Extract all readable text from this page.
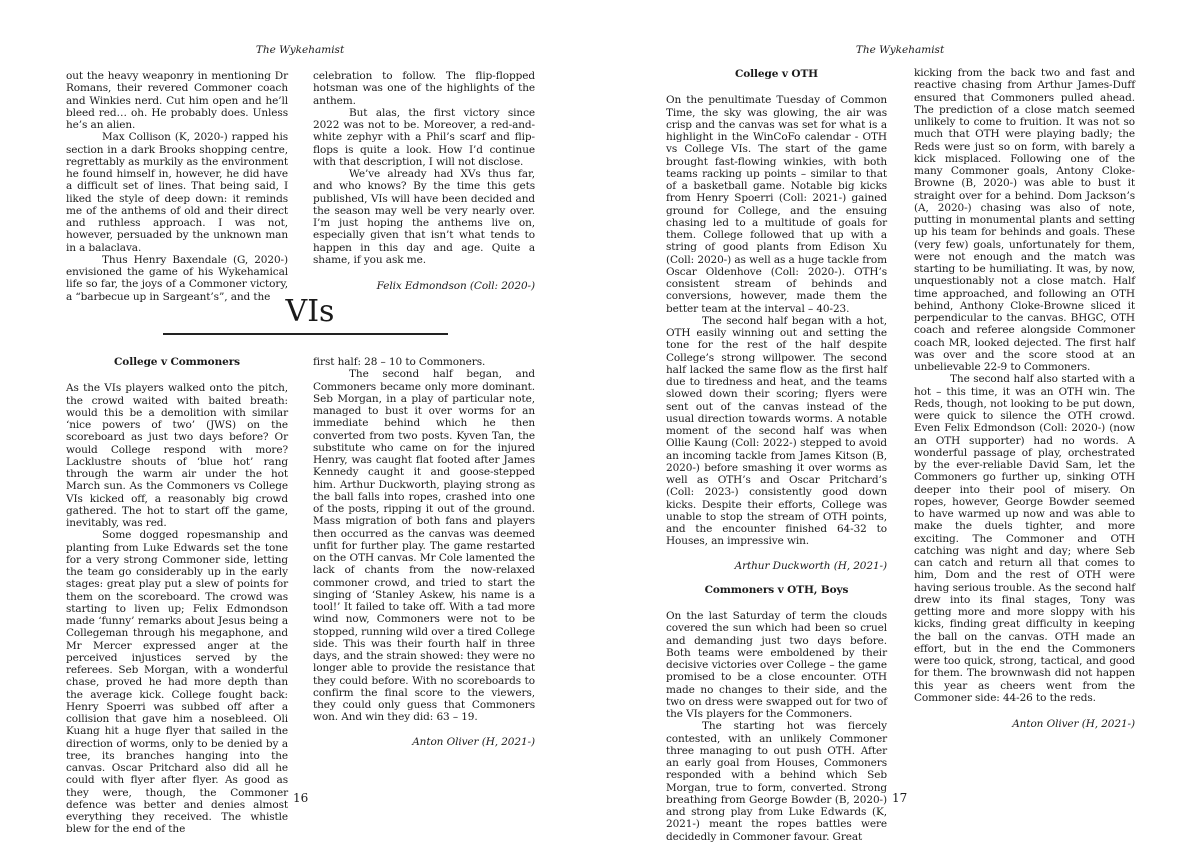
The Wykehamist

out the heavy weaponry in mentioning Dr Romans, their revered Commoner coach and Winkies nerd. Cut him open and he’ll bleed red… oh. He probably does. Unless he’s an alien.

Max Collison (K, 2020-) rapped his section in a dark Brooks shopping centre, regrettably as murkily as the environment he found himself in, however, he did have a difficult set of lines. That being said, I liked the style of deep down: it reminds me of the anthems of old and their direct and ruthless approach. I was not, however, persuaded by the unknown man in a balaclava.

Thus Henry Baxendale (G, 2020-) envisioned the game of his Wykehamical life so far, the joys of a Commoner victory, a “barbecue up in Sargeant’s”, and the

celebration to follow. The flip-flopped hotsman was one of the highlights of the anthem.

But alas, the first victory since 2022 was not to be. Moreover, a red-and-white zephyr with a Phil’s scarf and flip-flops is quite a look. How I’d continue with that description, I will not disclose.

We’ve already had XVs thus far, and who knows? By the time this gets published, VIs will have been decided and the season may well be very nearly over. I’m just hoping the anthems live on, especially given that isn’t what tends to happen in this day and age. Quite a shame, if you ask me.

Felix Edmondson (Coll: 2020-)
VIs
College v Commoners

As the VIs players walked onto the pitch, the crowd waited with baited breath: would this be a demolition with similar ‘nice powers of two’ (JWS) on the scoreboard as just two days before? Or would College respond with more? Lacklustre shouts of ‘blue hot’ rang through the warm air under the hot March sun. As the Commoners vs College VIs kicked off, a reasonably big crowd gathered. The hot to start off the game, inevitably, was red.

Some dogged ropesmanship and planting from Luke Edwards set the tone for a very strong Commoner side, letting the team go considerably up in the early stages: great play put a slew of points for them on the scoreboard. The crowd was starting to liven up; Felix Edmondson made ‘funny’ remarks about Jesus being a Collegeman through his megaphone, and Mr Mercer expressed anger at the perceived injustices served by the referees. Seb Morgan, with a wonderful chase, proved he had more depth than the average kick. College fought back: Henry Spoerri was subbed off after a collision that gave him a nosebleed. Oli Kuang hit a huge flyer that sailed in the direction of worms, only to be denied by a tree, its branches hanging into the canvas. Oscar Pritchard also did all he could with flyer after flyer. As good as they were, though, the Commoner defence was better and denies almost everything they received. The whistle blew for the end of the

first half: 28 – 10 to Commoners.

The second half began, and Commoners became only more dominant. Seb Morgan, in a play of particular note, managed to bust it over worms for an immediate behind which he then converted from two posts. Kyven Tan, the substitute who came on for the injured Henry, was caught flat footed after James Kennedy caught it and goose-stepped him. Arthur Duckworth, playing strong as the ball falls into ropes, crashed into one of the posts, ripping it out of the ground. Mass migration of both fans and players then occurred as the canvas was deemed unfit for further play. The game restarted on the OTH canvas. Mr Cole lamented the lack of chants from the now-relaxed commoner crowd, and tried to start the singing of ‘Stanley Askew, his name is a tool!’ It failed to take off. With a tad more wind now, Commoners were not to be stopped, running wild over a tired College side. This was their fourth half in three days, and the strain showed: they were no longer able to provide the resistance that they could before. With no scoreboards to confirm the final score to the viewers, they could only guess that Commoners won. And win they did: 63 – 19.

Anton Oliver (H, 2021-)
16
The Wykehamist
College v OTH

On the penultimate Tuesday of Common Time, the sky was glowing, the air was crisp and the canvas was set for what is a highlight in the WinCoFo calendar - OTH vs College VIs. The start of the game brought fast-flowing winkies, with both teams racking up points – similar to that of a basketball game. Notable big kicks from Henry Spoerri (Coll: 2021-) gained ground for College, and the ensuing chasing led to a multitude of goals for them. College followed that up with a string of good plants from Edison Xu (Coll: 2020-) as well as a huge tackle from Oscar Oldenhove (Coll: 2020-). OTH’s consistent stream of behinds and conversions, however, made them the better team at the interval – 40-23.

The second half began with a hot, OTH easily winning out and setting the tone for the rest of the half despite College’s strong willpower. The second half lacked the same flow as the first half due to tiredness and heat, and the teams slowed down their scoring; flyers were sent out of the canvas instead of the usual direction towards worms. A notable moment of the second half was when Ollie Kaung (Coll: 2022-) stepped to avoid an incoming tackle from James Kitson (B, 2020-) before smashing it over worms as well as OTH’s and Oscar Pritchard’s (Coll: 2023-) consistently good down kicks. Despite their efforts, College was unable to stop the stream of OTH points, and the encounter finished 64-32 to Houses, an impressive win.

Arthur Duckworth (H, 2021-)
Commoners v OTH, Boys

On the last Saturday of term the clouds covered the sun which had been so cruel and demanding just two days before. Both teams were emboldened by their decisive victories over College – the game promised to be a close encounter. OTH made no changes to their side, and the two on dress were swapped out for two of the VIs players for the Commoners.

The starting hot was fiercely contested, with an unlikely Commoner three managing to out push OTH. After an early goal from Houses, Commoners responded with a behind which Seb Morgan, true to form, converted. Strong breathing from George Bowder (B, 2020-) and strong play from Luke Edwards (K, 2021-) meant the ropes battles were decidedly in Commoner favour. Great

kicking from the back two and fast and reactive chasing from Arthur James-Duff ensured that Commoners pulled ahead. The prediction of a close match seemed unlikely to come to fruition. It was not so much that OTH were playing badly; the Reds were just so on form, with barely a kick misplaced. Following one of the many Commoner goals, Antony Cloke-Browne (B, 2020-) was able to bust it straight over for a behind. Dom Jackson’s (A, 2020-) chasing was also of note, putting in monumental plants and setting up his team for behinds and goals. These (very few) goals, unfortunately for them, were not enough and the match was starting to be humiliating. It was, by now, unquestionably not a close match. Half time approached, and following an OTH behind, Anthony Cloke-Browne sliced it perpendicular to the canvas. BHGC, OTH coach and referee alongside Commoner coach MR, looked dejected. The first half was over and the score stood at an unbelievable 22-9 to Commoners.

The second half also started with a hot – this time, it was an OTH win. The Reds, though, not looking to be put down, were quick to silence the OTH crowd. Even Felix Edmondson (Coll: 2020-) (now an OTH supporter) had no words. A wonderful passage of play, orchestrated by the ever-reliable David Sam, let the Commoners go further up, sinking OTH deeper into their pool of misery. On ropes, however, George Bowder seemed to have warmed up now and was able to make the duels tighter, and more exciting. The Commoner and OTH catching was night and day; where Seb can catch and return all that comes to him, Dom and the rest of OTH were having serious trouble. As the second half drew into its final stages, Tony was getting more and more sloppy with his kicks, finding great difficulty in keeping the ball on the canvas. OTH made an effort, but in the end the Commoners were too quick, strong, tactical, and good for them. The brownwash did not happen this year as cheers went from the Commoner side: 44-26 to the reds.

Anton Oliver (H, 2021-)
17
